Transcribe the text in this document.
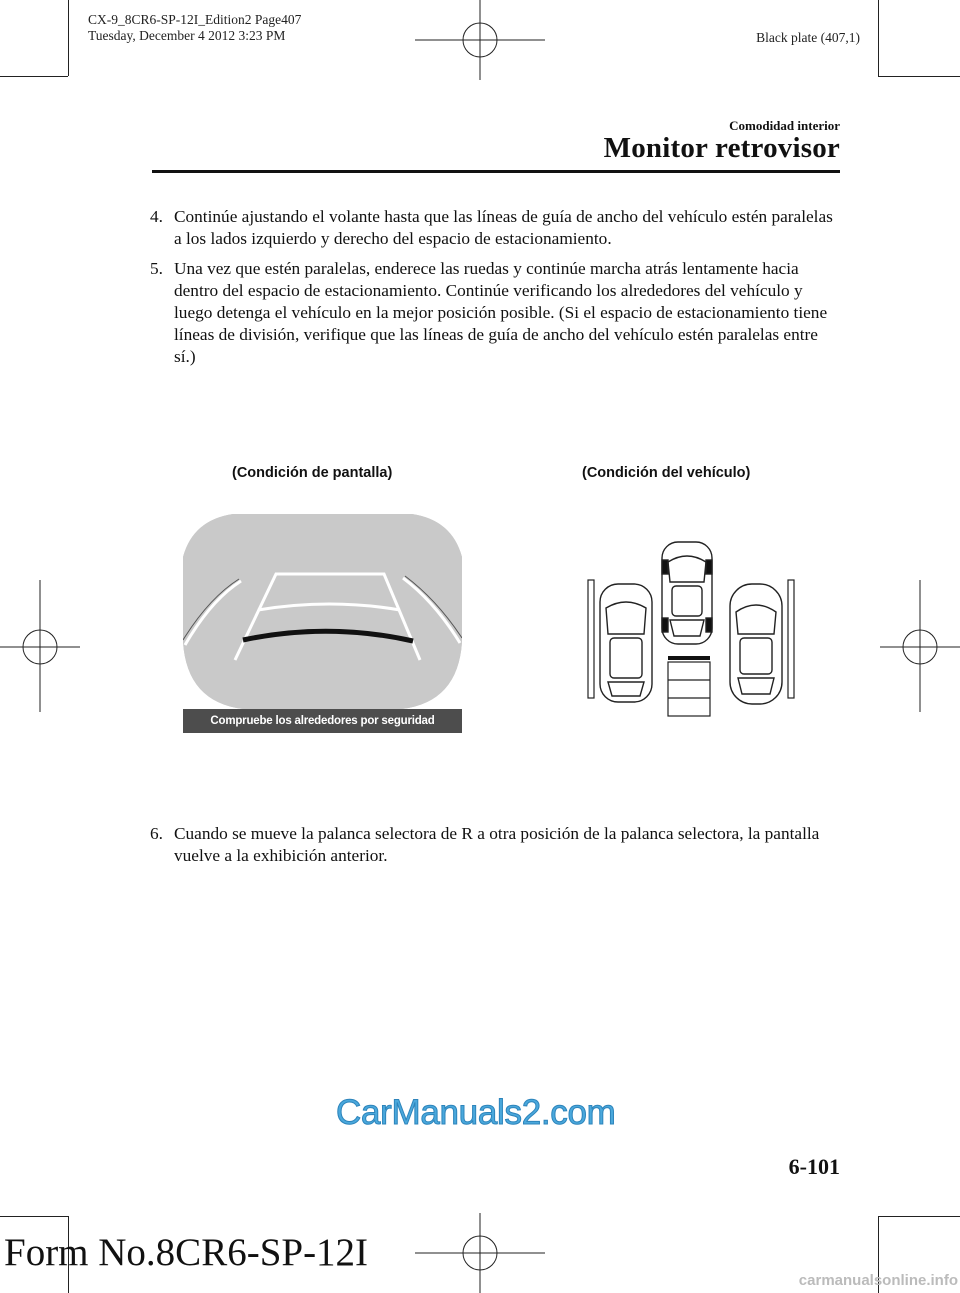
CX-9_8CR6-SP-12I_Edition2 Page407
Tuesday, December 4 2012 3:23 PM	Black plate (407,1)
Comodidad interior
Monitor retrovisor
4. Continúe ajustando el volante hasta que las líneas de guía de ancho del vehículo estén paralelas a los lados izquierdo y derecho del espacio de estacionamiento.
5. Una vez que estén paralelas, enderece las ruedas y continúe marcha atrás lentamente hacia dentro del espacio de estacionamiento. Continúe verificando los alrededores del vehículo y luego detenga el vehículo en la mejor posición posible. (Si el espacio de estacionamiento tiene líneas de división, verifique que las líneas de guía de ancho del vehículo estén paralelas entre sí.)
(Condición de pantalla)	(Condición del vehículo)
Compruebe los alrededores por seguridad
6. Cuando se mueve la palanca selectora de R a otra posición de la palanca selectora, la pantalla vuelve a la exhibición anterior.
CarManuals2.com
6-101
Form No.8CR6-SP-12I
carmanualsonline.info
